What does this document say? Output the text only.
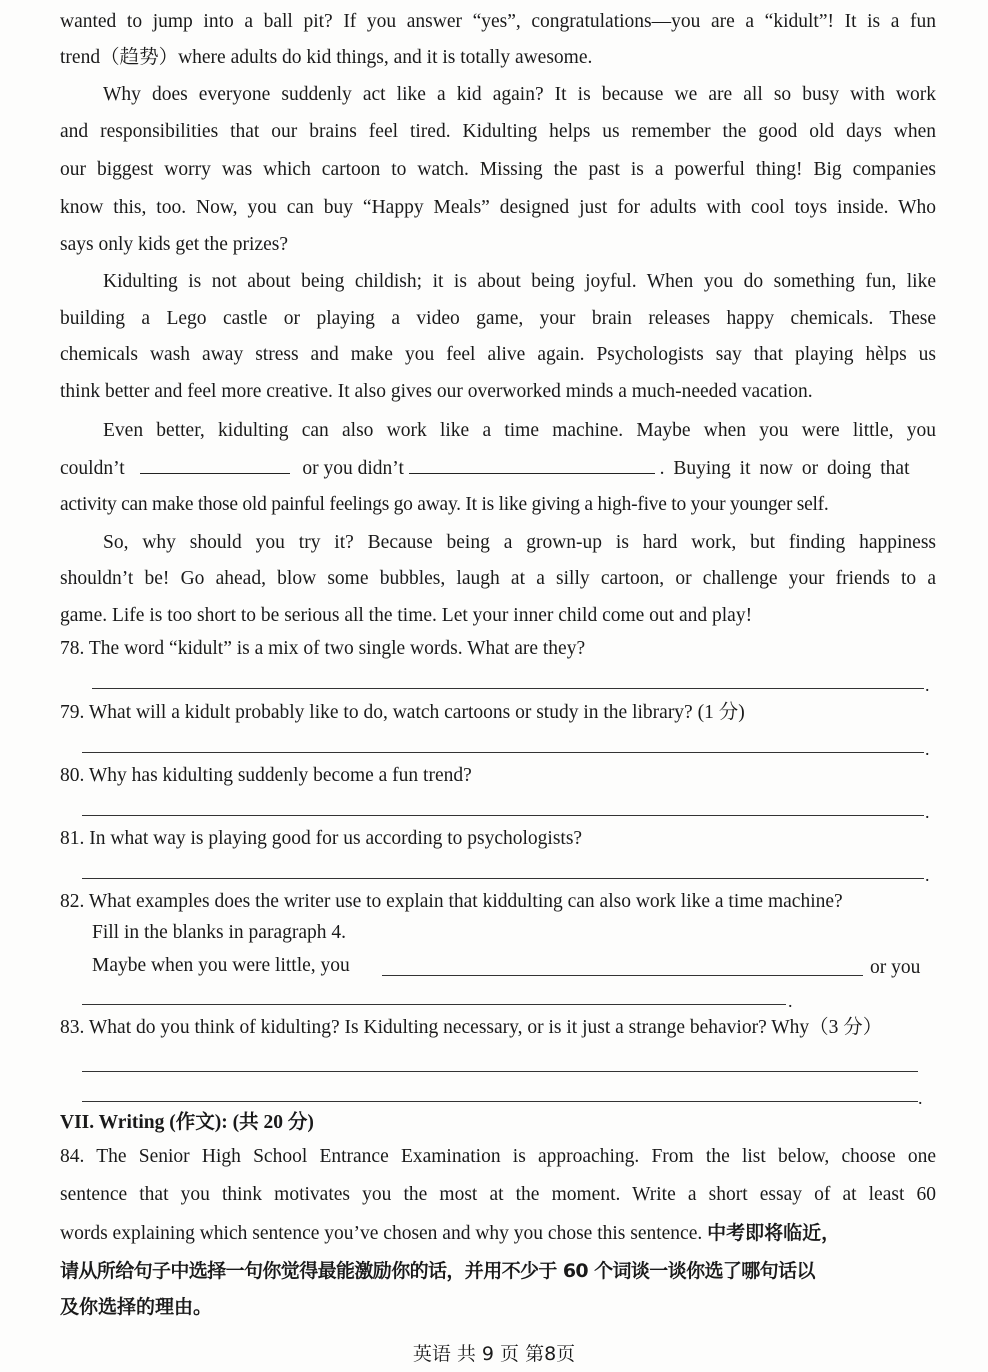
wanted to jump into a ball pit? If you answer “yes”, congratulations—you are a “kidult”! It is a fun
trend（趋势）where adults do kid things, and it is totally awesome.
Why does everyone suddenly act like a kid again? It is because we are all so busy with work
and responsibilities that our brains feel tired. Kidulting helps us remember the good old days when
our biggest worry was which cartoon to watch. Missing the past is a powerful thing! Big companies
know this, too. Now, you can buy “Happy Meals” designed just for adults with cool toys inside. Who
says only kids get the prizes?
Kidulting is not about being childish; it is about being joyful. When you do something fun, like
building a Lego castle or playing a video game, your brain releases happy chemicals. These
chemicals wash away stress and make you feel alive again. Psychologists say that playing hèlps us
think better and feel more creative. It also gives our overworked minds a much-needed vacation.
Even better, kidulting can also work like a time machine. Maybe when you were little, you
couldn’t	or you didn’t	. Buying it now or doing that
activity can make those old painful feelings go away. It is like giving a high-five to your younger self.
So, why should you try it? Because being a grown-up is hard work, but finding happiness
shouldn’t be! Go ahead, blow some bubbles, laugh at a silly cartoon, or challenge your friends to a
game. Life is too short to be serious all the time. Let your inner child come out and play!
78. The word “kidult” is a mix of two single words. What are they?
.
79. What will a kidult probably like to do, watch cartoons or study in the library? (1 分)
.
80. Why has kidulting suddenly become a fun trend?
.
81. In what way is playing good for us according to psychologists?
.
82. What examples does the writer use to explain that kiddulting can also work like a time machine?
Fill in the blanks in paragraph 4.
Maybe when you were little, you	or you
.
83. What do you think of kidulting? Is Kidulting necessary, or is it just a strange behavior? Why（3 分）
.
VII. Writing (作文): (共 20 分)
84. The Senior High School Entrance Examination is approaching. From the list below, choose one
sentence that you think motivates you the most at the moment. Write a short essay of at least 60
words explaining which sentence you’ve chosen and why you chose this sentence. 中考即将临近，
请从所给句子中选择一句你觉得最能激励你的话，并用不少于 60 个词谈一谈你选了哪句话以
及你选择的理由。
英语 共 9 页 第8页
